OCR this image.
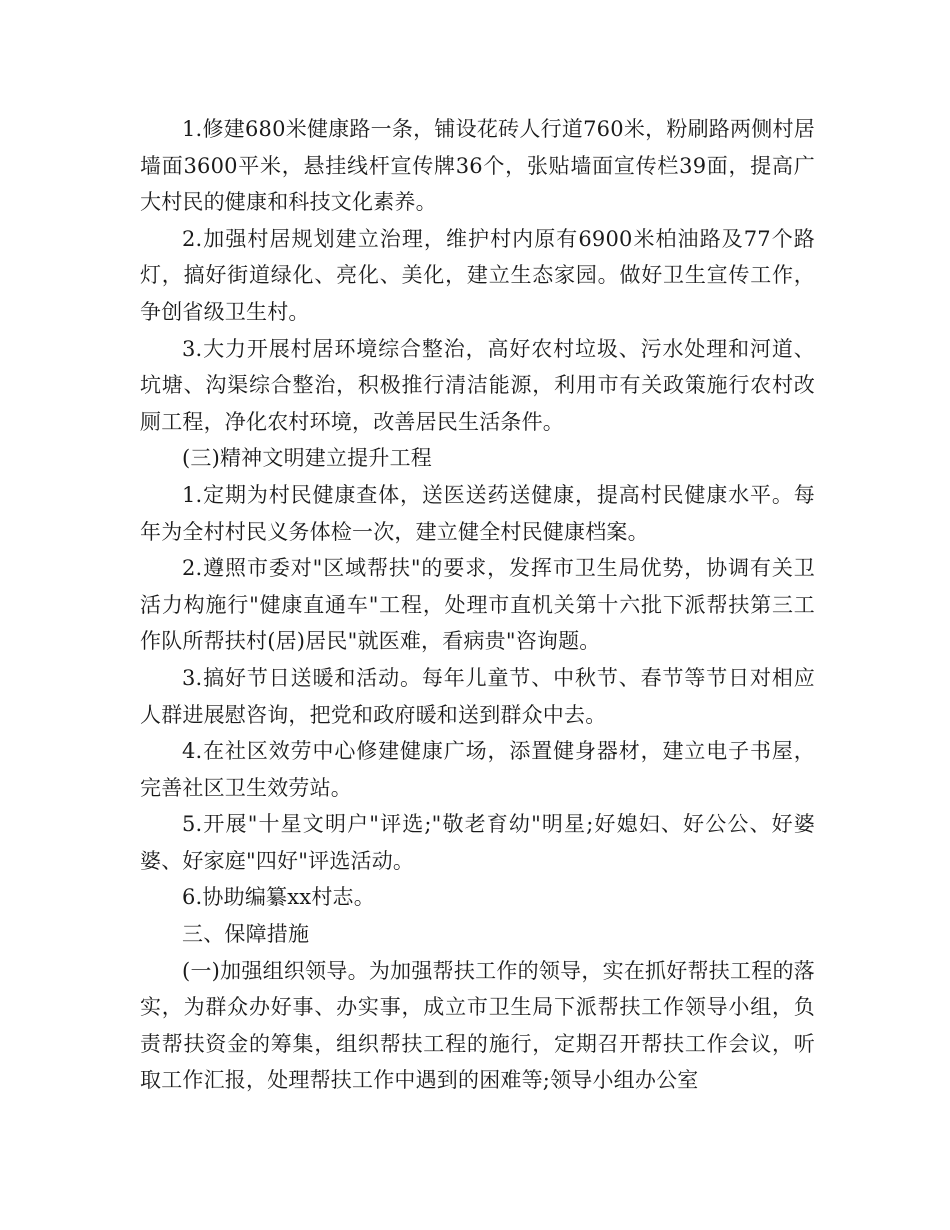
1.修建680米健康路一条，铺设花砖人行道760米，粉刷路两侧村居墙面3600平米，悬挂线杆宣传牌36个，张贴墙面宣传栏39面，提高广大村民的健康和科技文化素养。

2.加强村居规划建立治理，维护村内原有6900米柏油路及77个路灯，搞好街道绿化、亮化、美化，建立生态家园。做好卫生宣传工作，争创省级卫生村。

3.大力开展村居环境综合整治，高好农村垃圾、污水处理和河道、坑塘、沟渠综合整治，积极推行清洁能源，利用市有关政策施行农村改厕工程，净化农村环境，改善居民生活条件。

(三)精神文明建立提升工程

1.定期为村民健康查体，送医送药送健康，提高村民健康水平。每年为全村村民义务体检一次，建立健全村民健康档案。

2.遵照市委对"区域帮扶"的要求，发挥市卫生局优势，协调有关卫活力构施行"健康直通车"工程，处理市直机关第十六批下派帮扶第三工作队所帮扶村(居)居民"就医难，看病贵"咨询题。

3.搞好节日送暖和活动。每年儿童节、中秋节、春节等节日对相应人群进展慰咨询，把党和政府暖和送到群众中去。

4.在社区效劳中心修建健康广场，添置健身器材，建立电子书屋，完善社区卫生效劳站。

5.开展"十星文明户"评选;"敬老育幼"明星;好媳妇、好公公、好婆婆、好家庭"四好"评选活动。

6.协助编纂xx村志。

三、保障措施

(一)加强组织领导。为加强帮扶工作的领导，实在抓好帮扶工程的落实，为群众办好事、办实事，成立市卫生局下派帮扶工作领导小组，负责帮扶资金的筹集，组织帮扶工程的施行，定期召开帮扶工作会议，听取工作汇报，处理帮扶工作中遇到的困难等;领导小组办公室
